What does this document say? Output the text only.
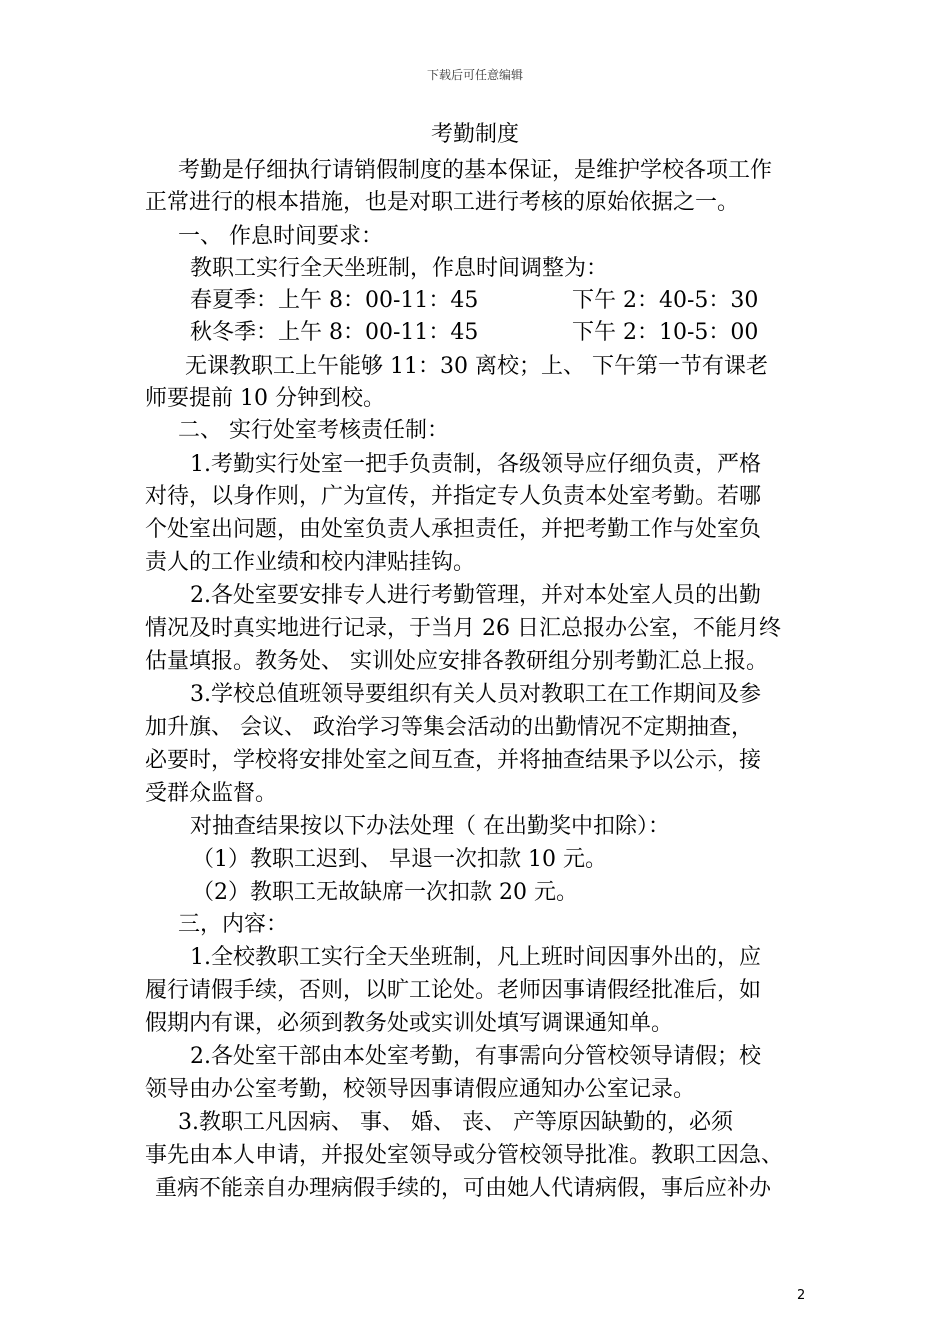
下载后可任意编辑
考勤制度
考勤是仔细执行请销假制度的基本保证，是维护学校各项工作
正常进行的根本措施，也是对职工进行考核的原始依据之一。
一、 作息时间要求：
教职工实行全天坐班制，作息时间调整为：
春夏季：上午 8：00-11：45	下午 2：40-5：30
秋冬季：上午 8：00-11：45	下午 2：10-5：00
无课教职工上午能够 11：30 离校；上、 下午第一节有课老
师要提前 10 分钟到校。
二、 实行处室考核责任制：
1.考勤实行处室一把手负责制，各级领导应仔细负责，严格
对待，以身作则，广为宣传，并指定专人负责本处室考勤。若哪
个处室出问题，由处室负责人承担责任，并把考勤工作与处室负
责人的工作业绩和校内津贴挂钩。
2.各处室要安排专人进行考勤管理，并对本处室人员的出勤
情况及时真实地进行记录，于当月 26 日汇总报办公室，不能月终
估量填报。教务处、 实训处应安排各教研组分别考勤汇总上报。
3.学校总值班领导要组织有关人员对教职工在工作期间及参
加升旗、 会议、 政治学习等集会活动的出勤情况不定期抽查，
必要时，学校将安排处室之间互查，并将抽查结果予以公示，接
受群众监督。
对抽查结果按以下办法处理（ 在出勤奖中扣除）：
（1）教职工迟到、 早退一次扣款 10 元。
（2）教职工无故缺席一次扣款 20 元。
三，内容：
1.全校教职工实行全天坐班制，凡上班时间因事外出的，应
履行请假手续，否则，以旷工论处。老师因事请假经批准后，如
假期内有课，必须到教务处或实训处填写调课通知单。
2.各处室干部由本处室考勤，有事需向分管校领导请假；校
领导由办公室考勤，校领导因事请假应通知办公室记录。
3.教职工凡因病、 事、 婚、 丧、 产等原因缺勤的，必须
事先由本人申请，并报处室领导或分管校领导批准。教职工因急、
重病不能亲自办理病假手续的，可由她人代请病假，事后应补办
2
